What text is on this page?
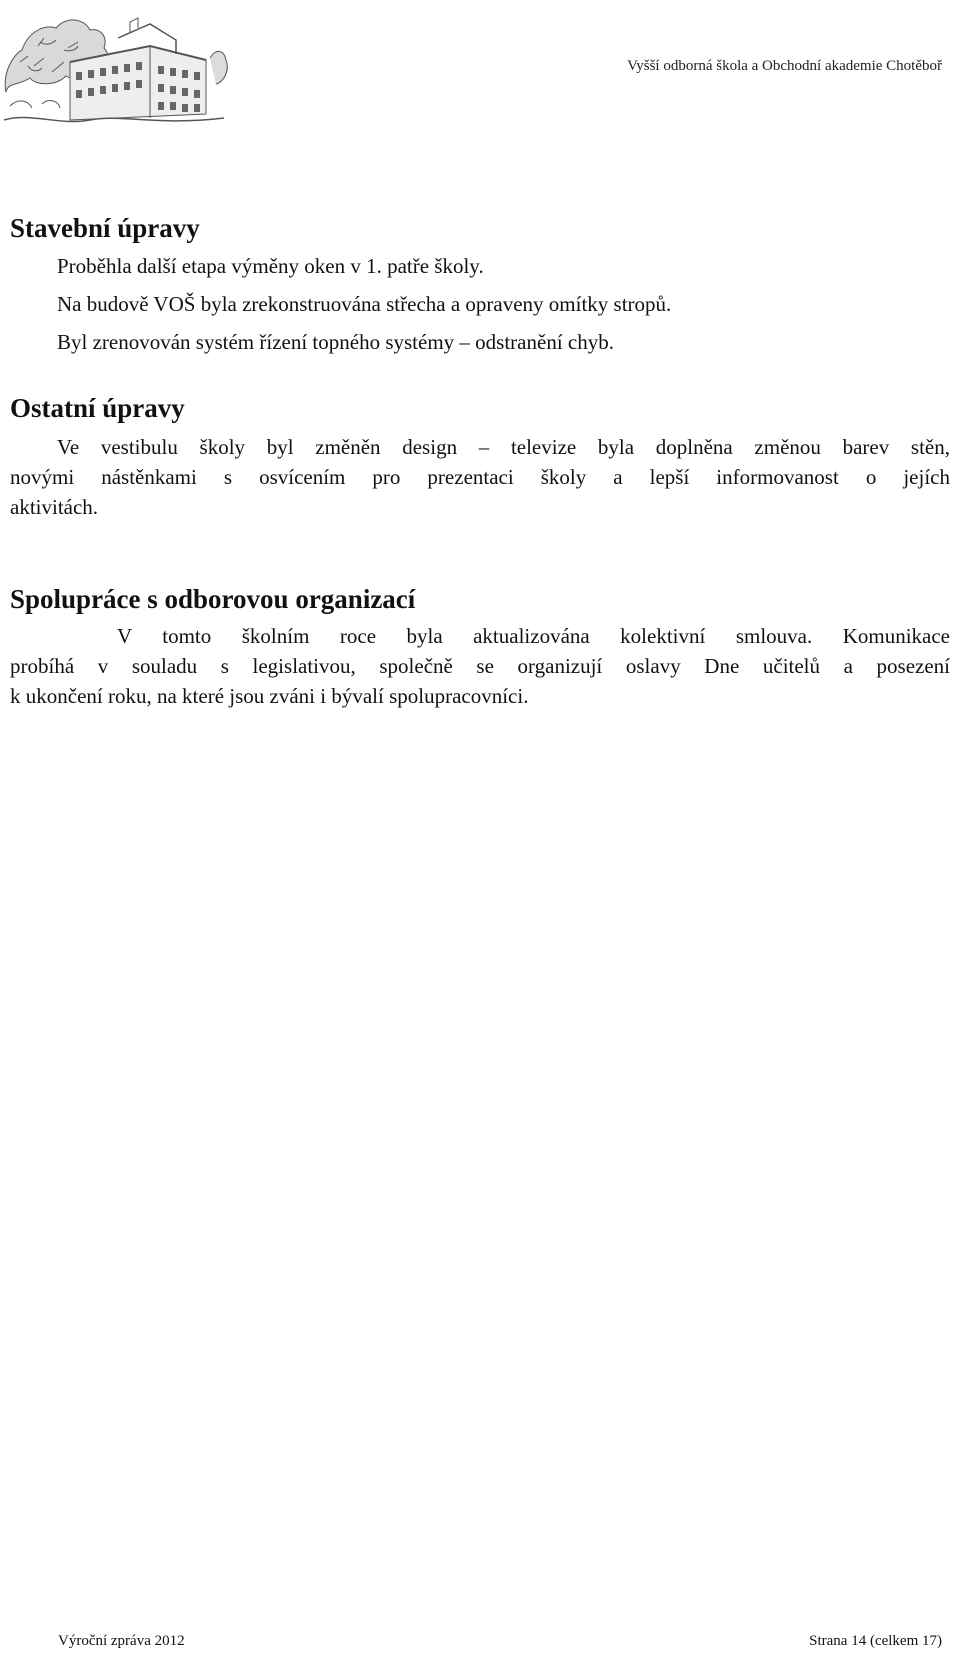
Vyšší odborná škola a Obchodní akademie Chotěboř
Stavební úpravy

Proběhla další etapa výměny oken v 1. patře školy.

Na budově VOŠ byla zrekonstruována střecha a opraveny omítky stropů.

Byl zrenovován systém řízení topného systémy – odstranění chyb.

Ostatní úpravy
Ve vestibulu školy byl změněn design – televize byla doplněna změnou barev stěn,
novými nástěnkami s osvícením pro prezentaci školy a lepší informovanost o jejích
aktivitách.
Spolupráce s odborovou organizací
V tomto školním roce byla aktualizována kolektivní smlouva. Komunikace
probíhá v souladu s legislativou, společně se organizují oslavy Dne učitelů a posezení
k ukončení roku, na které jsou zváni i bývalí spolupracovníci.
Výroční zpráva 2012	Strana 14 (celkem 17)
